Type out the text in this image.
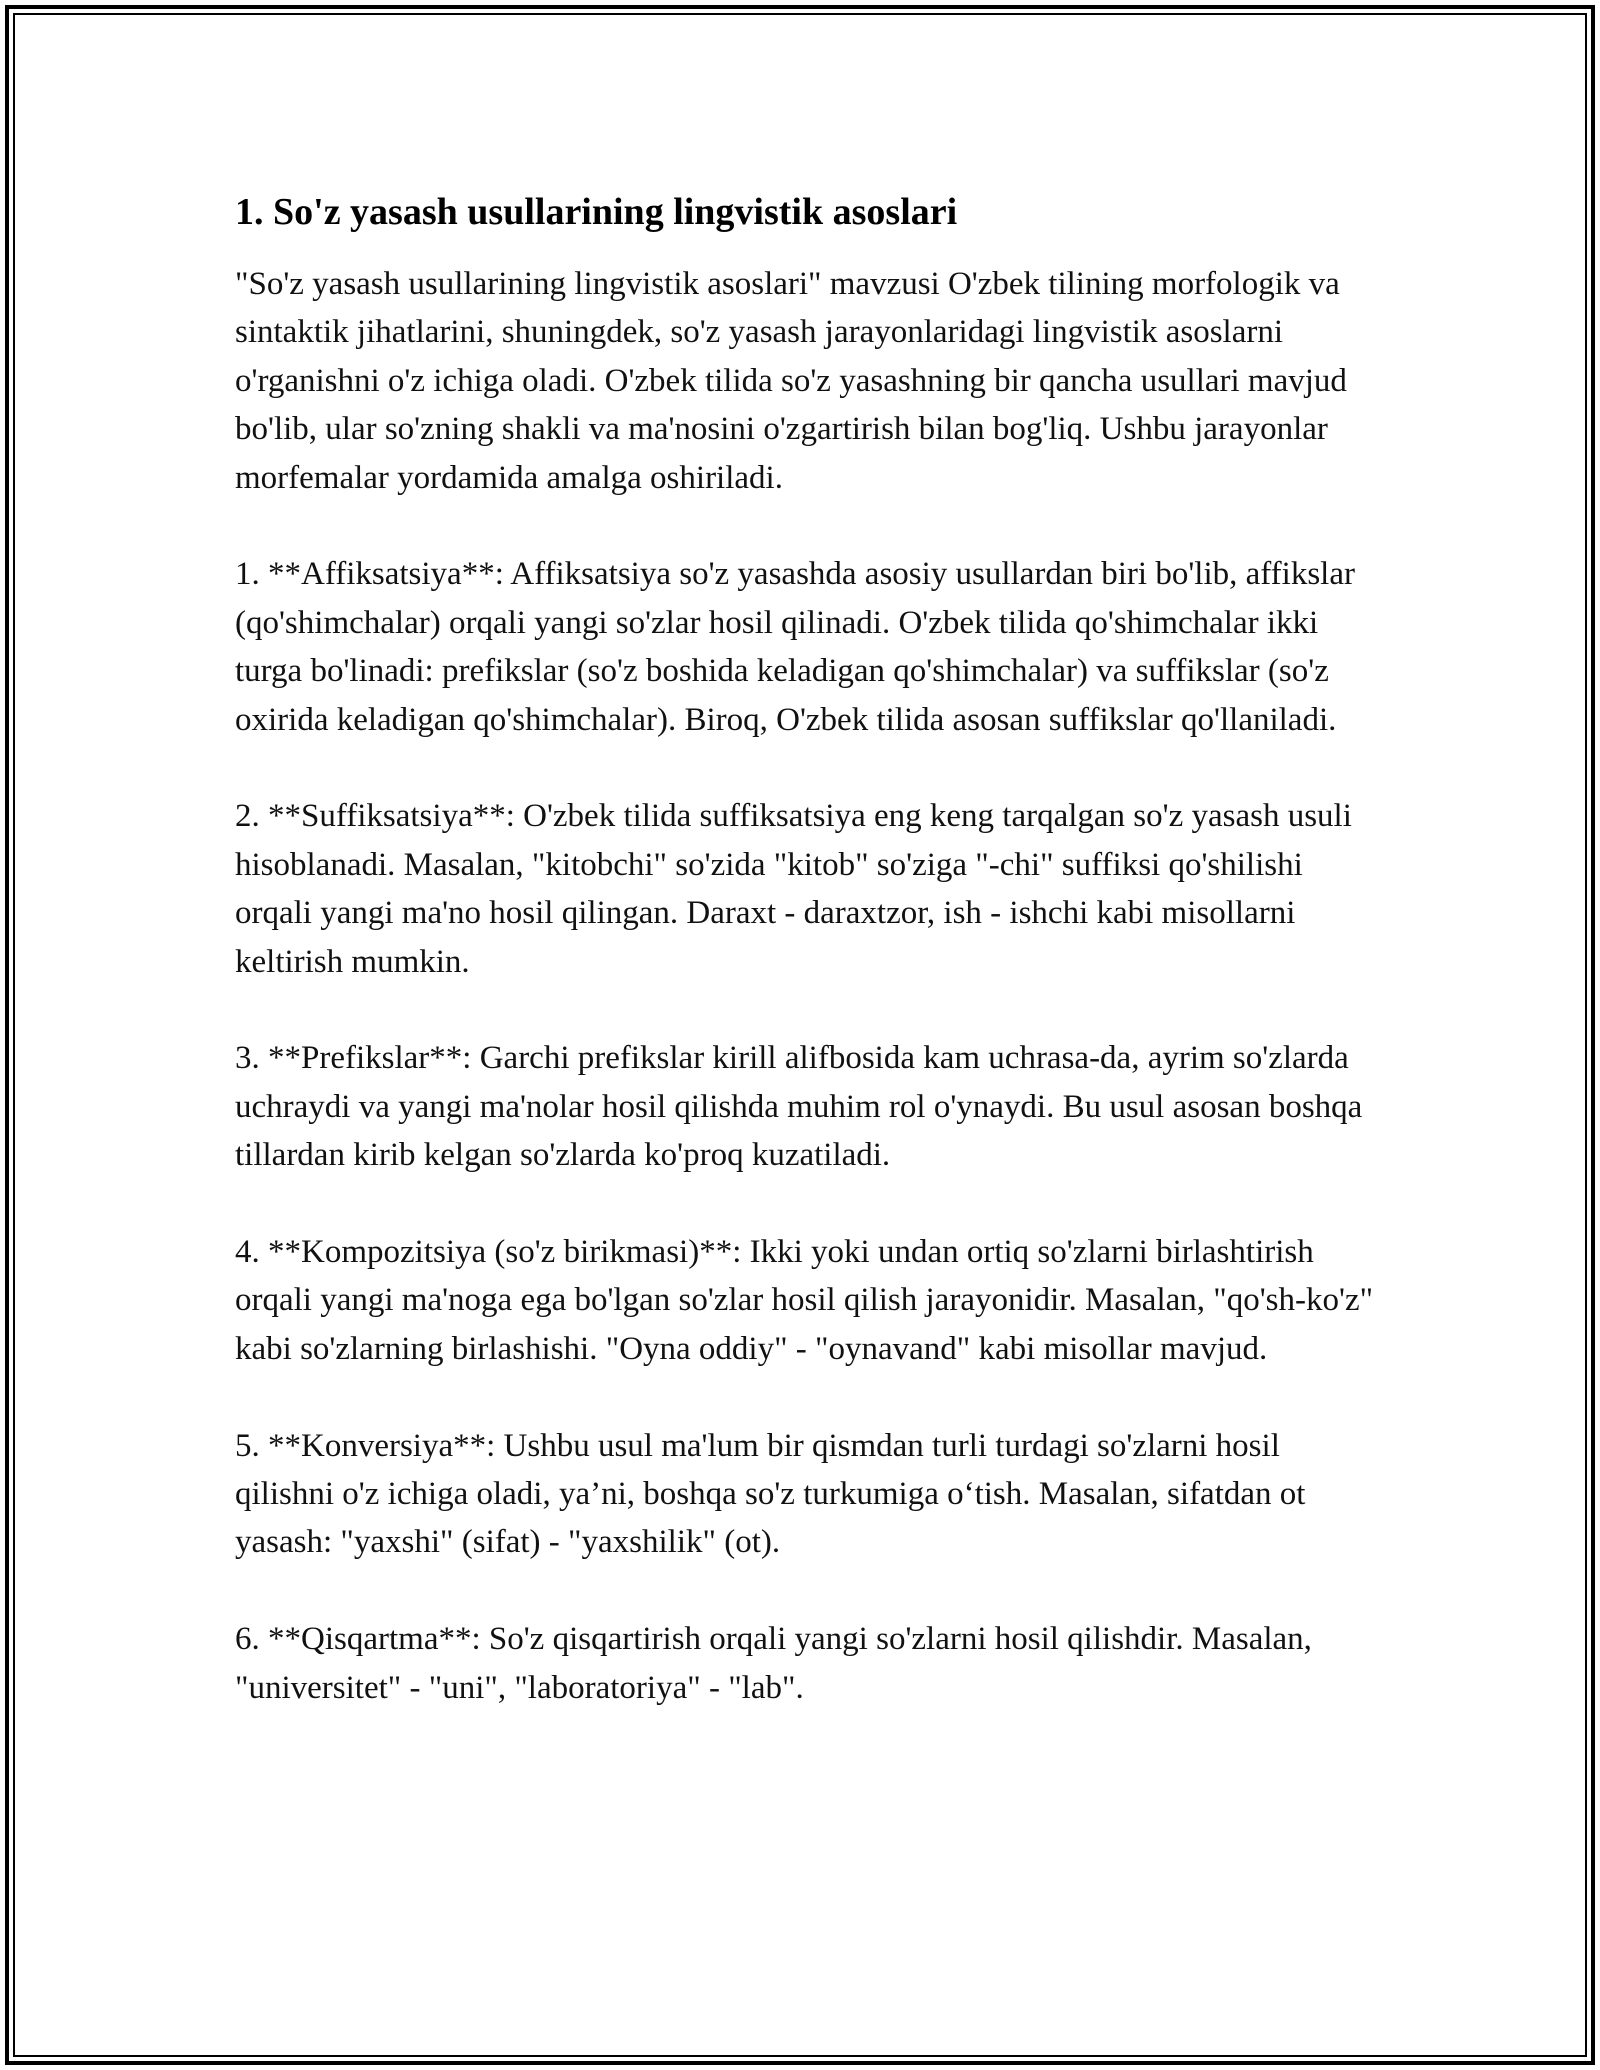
1. So'z yasash usullarining lingvistik asoslari

"So'z yasash usullarining lingvistik asoslari" mavzusi O'zbek tilining morfologik va sintaktik jihatlarini, shuningdek, so'z yasash jarayonlaridagi lingvistik asoslarni o'rganishni o'z ichiga oladi. O'zbek tilida so'z yasashning bir qancha usullari mavjud bo'lib, ular so'zning shakli va ma'nosini o'zgartirish bilan bog'liq. Ushbu jarayonlar morfemalar yordamida amalga oshiriladi.

1. **Affiksatsiya**: Affiksatsiya so'z yasashda asosiy usullardan biri bo'lib, affikslar (qo'shimchalar) orqali yangi so'zlar hosil qilinadi. O'zbek tilida qo'shimchalar ikki turga bo'linadi: prefikslar (so'z boshida keladigan qo'shimchalar) va suffikslar (so'z oxirida keladigan qo'shimchalar). Biroq, O'zbek tilida asosan suffikslar qo'llaniladi.

2. **Suffiksatsiya**: O'zbek tilida suffiksatsiya eng keng tarqalgan so'z yasash usuli hisoblanadi. Masalan, "kitobchi" so'zida "kitob" so'ziga "-chi" suffiksi qo'shilishi orqali yangi ma'no hosil qilingan. Daraxt - daraxtzor, ish - ishchi kabi misollarni keltirish mumkin.

3. **Prefikslar**: Garchi prefikslar kirill alifbosida kam uchrasa-da, ayrim so'zlarda uchraydi va yangi ma'nolar hosil qilishda muhim rol o'ynaydi. Bu usul asosan boshqa tillardan kirib kelgan so'zlarda ko'proq kuzatiladi.

4. **Kompozitsiya (so'z birikmasi)**: Ikki yoki undan ortiq so'zlarni birlashtirish orqali yangi ma'noga ega bo'lgan so'zlar hosil qilish jarayonidir. Masalan, "qo'sh-ko'z" kabi so'zlarning birlashishi. "Oyna oddiy" - "oynavand" kabi misollar mavjud.

5. **Konversiya**: Ushbu usul ma'lum bir qismdan turli turdagi so'zlarni hosil qilishni o'z ichiga oladi, ya’ni, boshqa so'z turkumiga o‘tish. Masalan, sifatdan ot yasash: "yaxshi" (sifat) - "yaxshilik" (ot).

6. **Qisqartma**: So'z qisqartirish orqali yangi so'zlarni hosil qilishdir. Masalan, "universitet" - "uni", "laboratoriya" - "lab".
